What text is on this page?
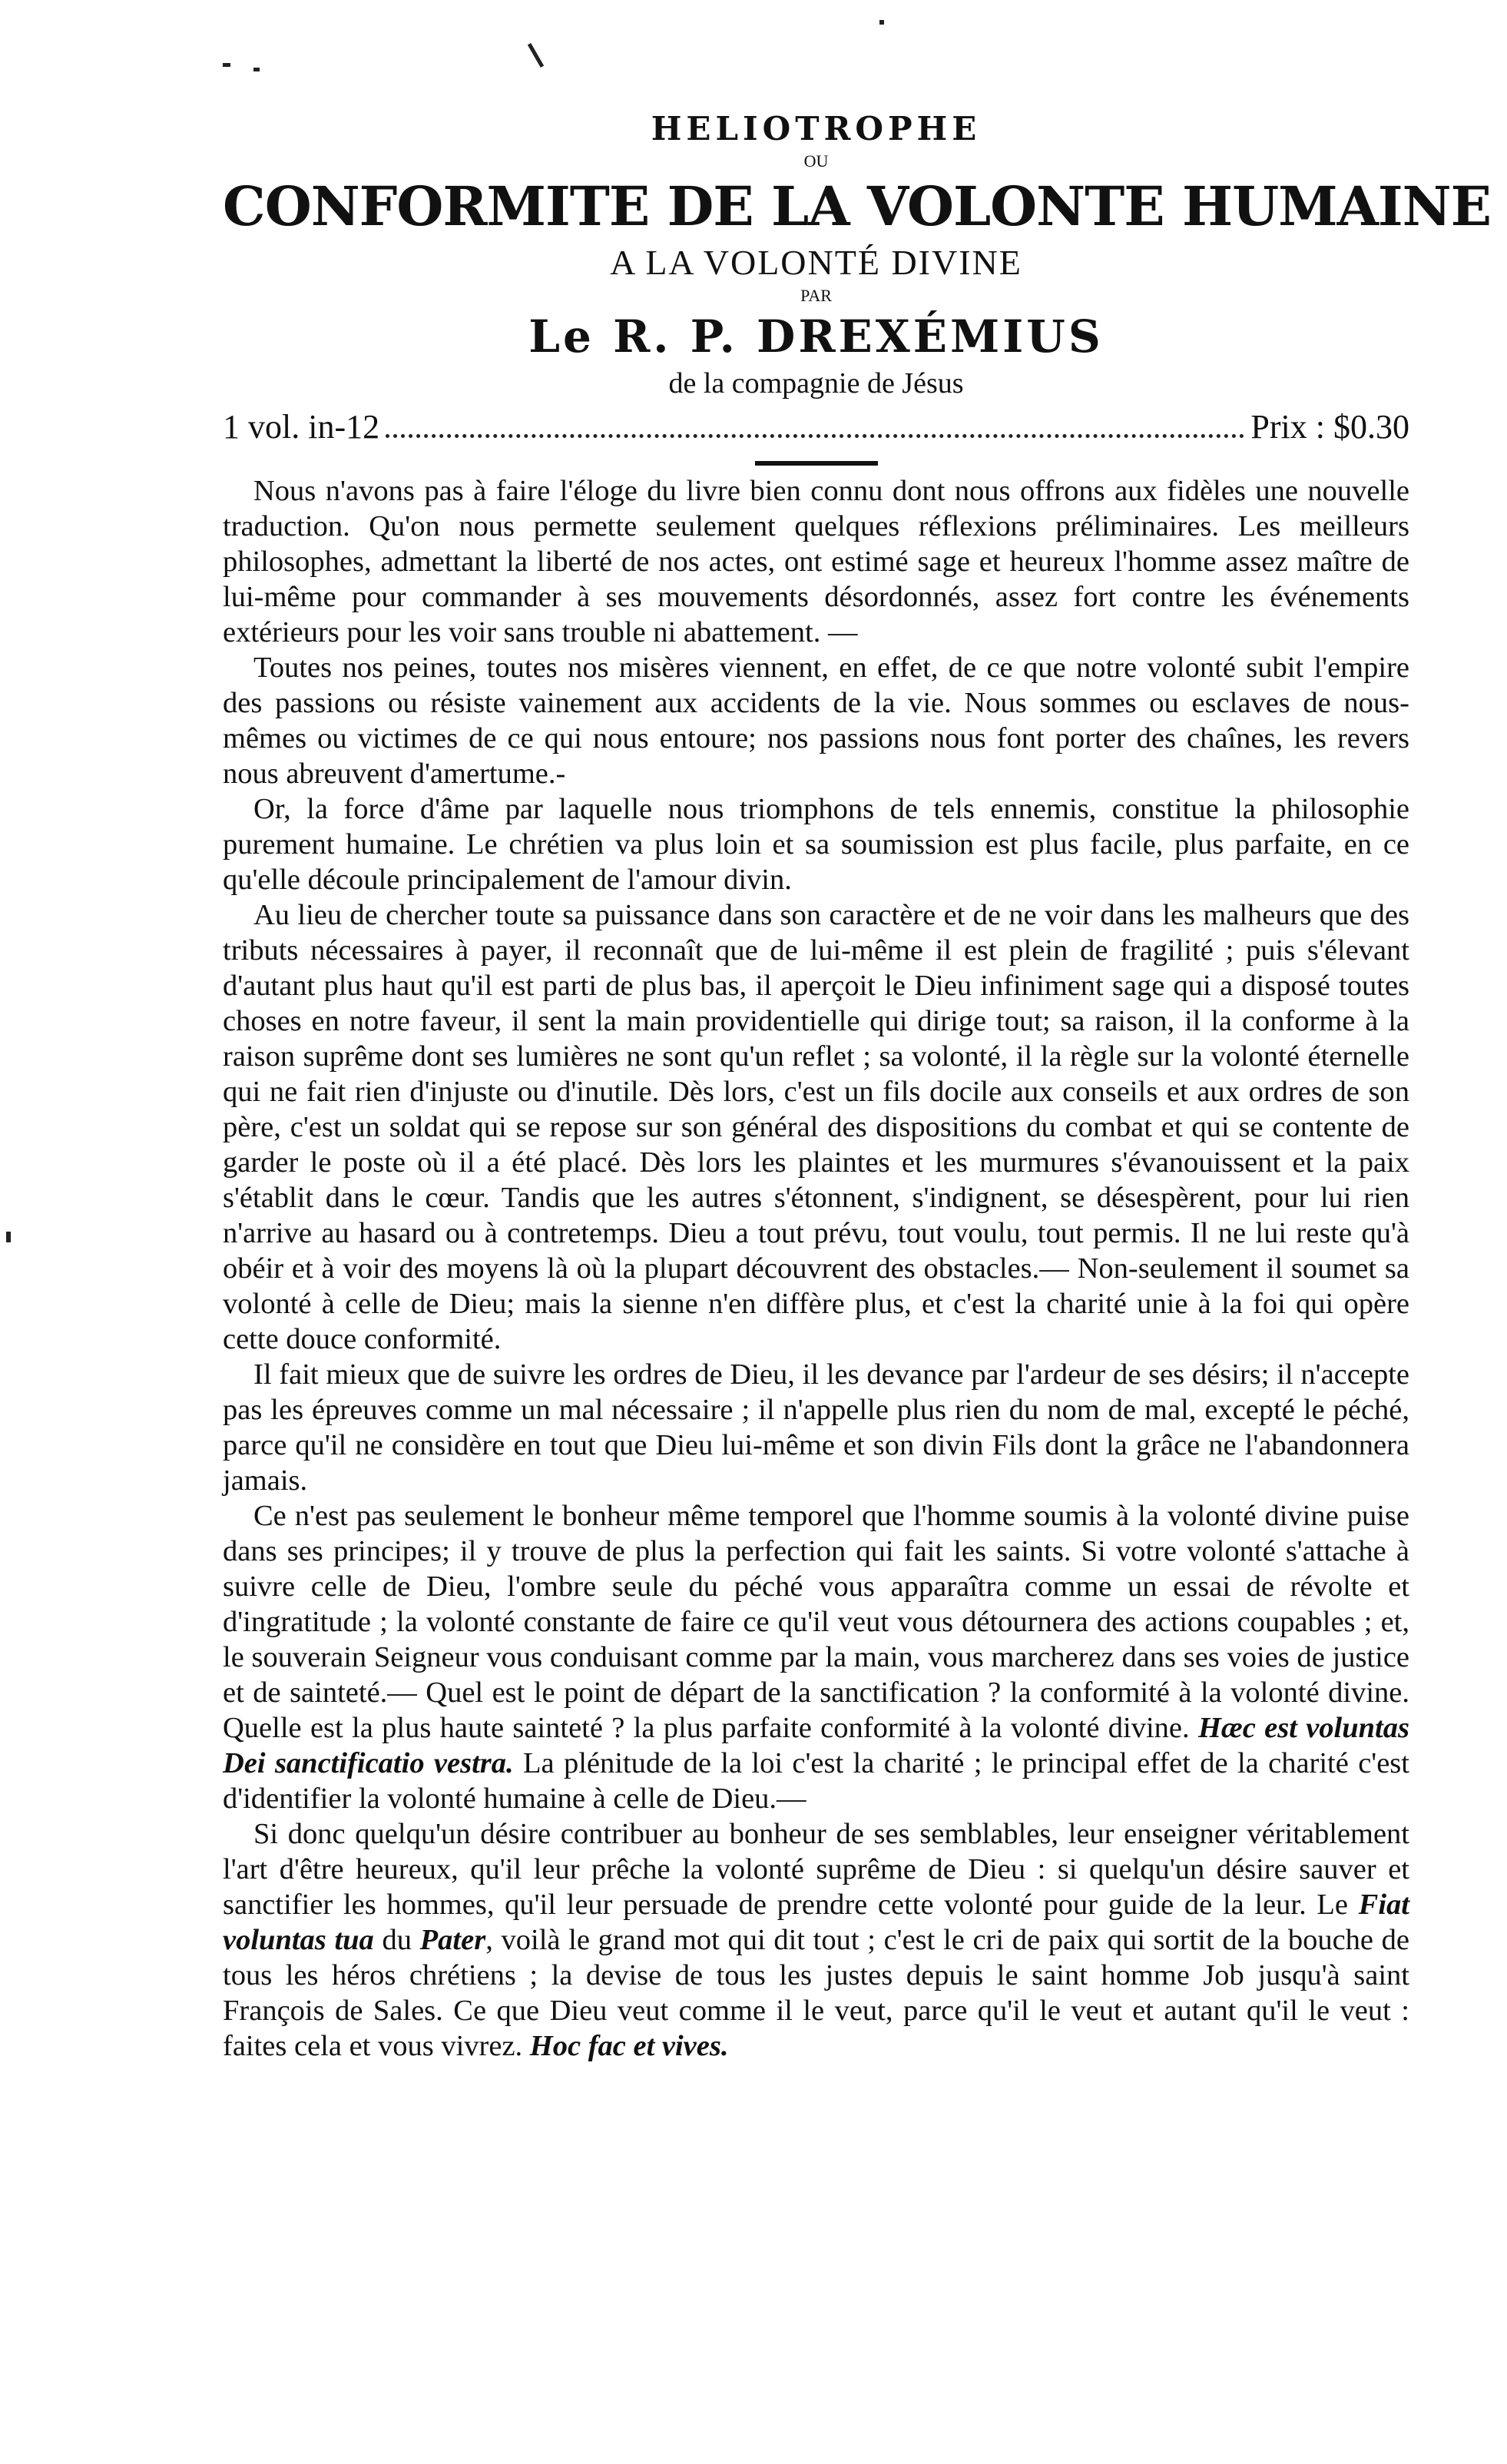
HELIOTROPHE

OU

CONFORMITE DE LA VOLONTE HUMAINE

A LA VOLONTÉ DIVINE

PAR

Le R. P. DREXÉMIUS

de la compagnie de Jésus

1 vol. in-12	Prix : $0.30

Nous n'avons pas à faire l'éloge du livre bien connu dont nous offrons aux fidèles une nouvelle traduction. Qu'on nous permette seulement quelques réflexions préliminaires. Les meilleurs philosophes, admettant la liberté de nos actes, ont estimé sage et heureux l'homme assez maître de lui-même pour commander à ses mouvements désordonnés, assez fort contre les événements extérieurs pour les voir sans trouble ni abattement. —

Toutes nos peines, toutes nos misères viennent, en effet, de ce que notre volonté subit l'empire des passions ou résiste vainement aux accidents de la vie. Nous sommes ou esclaves de nous-mêmes ou victimes de ce qui nous entoure; nos passions nous font porter des chaînes, les revers nous abreuvent d'amertume.-

Or, la force d'âme par laquelle nous triomphons de tels ennemis, constitue la philosophie purement humaine. Le chrétien va plus loin et sa soumission est plus facile, plus parfaite, en ce qu'elle découle principalement de l'amour divin.

Au lieu de chercher toute sa puissance dans son caractère et de ne voir dans les malheurs que des tributs nécessaires à payer, il reconnaît que de lui-même il est plein de fragilité ; puis s'élevant d'autant plus haut qu'il est parti de plus bas, il aperçoit le Dieu infiniment sage qui a disposé toutes choses en notre faveur, il sent la main providentielle qui dirige tout; sa raison, il la conforme à la raison suprême dont ses lumières ne sont qu'un reflet ; sa volonté, il la règle sur la volonté éternelle qui ne fait rien d'injuste ou d'inutile. Dès lors, c'est un fils docile aux conseils et aux ordres de son père, c'est un soldat qui se repose sur son général des dispositions du combat et qui se contente de garder le poste où il a été placé. Dès lors les plaintes et les murmures s'évanouissent et la paix s'établit dans le cœur. Tandis que les autres s'étonnent, s'indignent, se désespèrent, pour lui rien n'arrive au hasard ou à contretemps. Dieu a tout prévu, tout voulu, tout permis. Il ne lui reste qu'à obéir et à voir des moyens là où la plupart découvrent des obstacles.— Non-seulement il soumet sa volonté à celle de Dieu; mais la sienne n'en diffère plus, et c'est la charité unie à la foi qui opère cette douce conformité.

Il fait mieux que de suivre les ordres de Dieu, il les devance par l'ardeur de ses désirs; il n'accepte pas les épreuves comme un mal nécessaire ; il n'appelle plus rien du nom de mal, excepté le péché, parce qu'il ne considère en tout que Dieu lui-même et son divin Fils dont la grâce ne l'abandonnera jamais.

Ce n'est pas seulement le bonheur même temporel que l'homme soumis à la volonté divine puise dans ses principes; il y trouve de plus la perfection qui fait les saints. Si votre volonté s'attache à suivre celle de Dieu, l'ombre seule du péché vous apparaîtra comme un essai de révolte et d'ingratitude ; la volonté constante de faire ce qu'il veut vous détournera des actions coupables ; et, le souverain Seigneur vous conduisant comme par la main, vous marcherez dans ses voies de justice et de sainteté.— Quel est le point de départ de la sanctification ? la conformité à la volonté divine. Quelle est la plus haute sainteté ? la plus parfaite conformité à la volonté divine. Hæc est voluntas Dei sanctificatio vestra. La plénitude de la loi c'est la charité ; le principal effet de la charité c'est d'identifier la volonté humaine à celle de Dieu.—

Si donc quelqu'un désire contribuer au bonheur de ses semblables, leur enseigner véritablement l'art d'être heureux, qu'il leur prêche la volonté suprême de Dieu : si quelqu'un désire sauver et sanctifier les hommes, qu'il leur persuade de prendre cette volonté pour guide de la leur. Le Fiat voluntas tua du Pater, voilà le grand mot qui dit tout ; c'est le cri de paix qui sortit de la bouche de tous les héros chrétiens ; la devise de tous les justes depuis le saint homme Job jusqu'à saint François de Sales. Ce que Dieu veut comme il le veut, parce qu'il le veut et autant qu'il le veut : faites cela et vous vivrez. Hoc fac et vives.
